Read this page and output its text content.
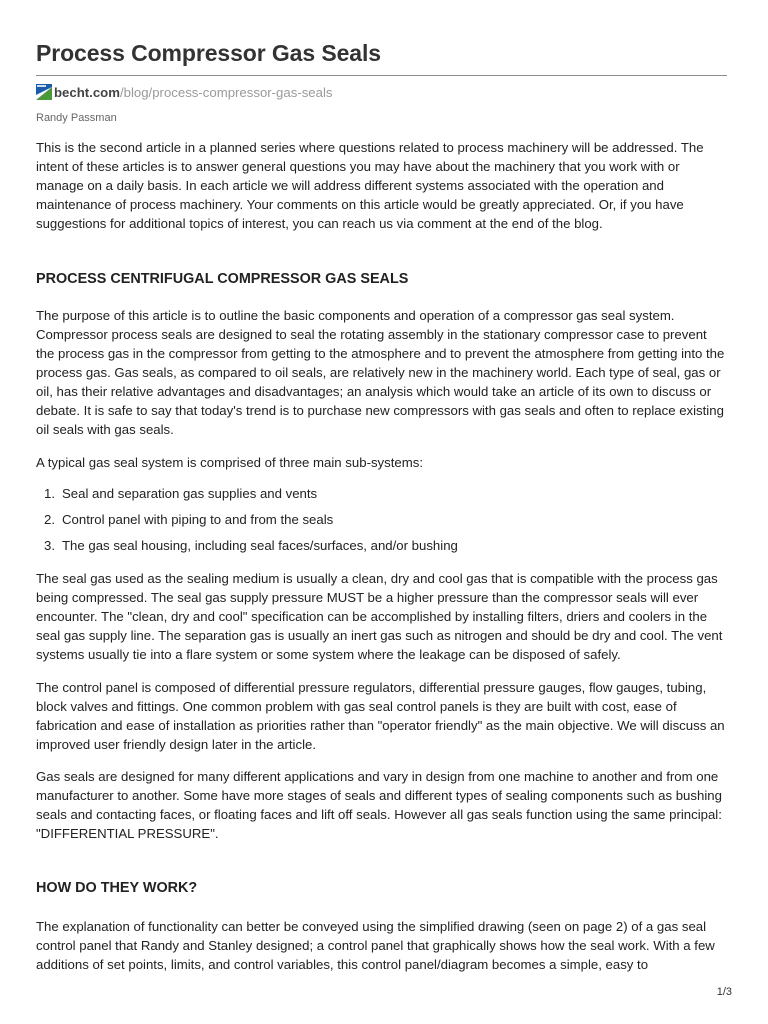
Process Compressor Gas Seals
becht.com /blog/process-compressor-gas-seals
Randy Passman

This is the second article in a planned series where questions related to process machinery will be addressed. The intent of these articles is to answer general questions you may have about the machinery that you work with or manage on a daily basis. In each article we will address different systems associated with the operation and maintenance of process machinery. Your comments on this article would be greatly appreciated. Or, if you have suggestions for additional topics of interest, you can reach us via comment at the end of the blog.

PROCESS CENTRIFUGAL COMPRESSOR GAS SEALS

The purpose of this article is to outline the basic components and operation of a compressor gas seal system. Compressor process seals are designed to seal the rotating assembly in the stationary compressor case to prevent the process gas in the compressor from getting to the atmosphere and to prevent the atmosphere from getting into the process gas. Gas seals, as compared to oil seals, are relatively new in the machinery world. Each type of seal, gas or oil, has their relative advantages and disadvantages; an analysis which would take an article of its own to discuss or debate. It is safe to say that today's trend is to purchase new compressors with gas seals and often to replace existing oil seals with gas seals.

A typical gas seal system is comprised of three main sub-systems:

1. Seal and separation gas supplies and vents
2. Control panel with piping to and from the seals
3. The gas seal housing, including seal faces/surfaces, and/or bushing

The seal gas used as the sealing medium is usually a clean, dry and cool gas that is compatible with the process gas being compressed. The seal gas supply pressure MUST be a higher pressure than the compressor seals will ever encounter. The "clean, dry and cool" specification can be accomplished by installing filters, driers and coolers in the seal gas supply line. The separation gas is usually an inert gas such as nitrogen and should be dry and cool. The vent systems usually tie into a flare system or some system where the leakage can be disposed of safely.

The control panel is composed of differential pressure regulators, differential pressure gauges, flow gauges, tubing, block valves and fittings. One common problem with gas seal control panels is they are built with cost, ease of fabrication and ease of installation as priorities rather than "operator friendly" as the main objective. We will discuss an improved user friendly design later in the article.

Gas seals are designed for many different applications and vary in design from one machine to another and from one manufacturer to another. Some have more stages of seals and different types of sealing components such as bushing seals and contacting faces, or floating faces and lift off seals. However all gas seals function using the same principal: "DIFFERENTIAL PRESSURE".

HOW DO THEY WORK?

The explanation of functionality can better be conveyed using the simplified drawing (seen on page 2) of a gas seal control panel that Randy and Stanley designed; a control panel that graphically shows how the seal work. With a few additions of set points, limits, and control variables, this control panel/diagram becomes a simple, easy to

1/3
